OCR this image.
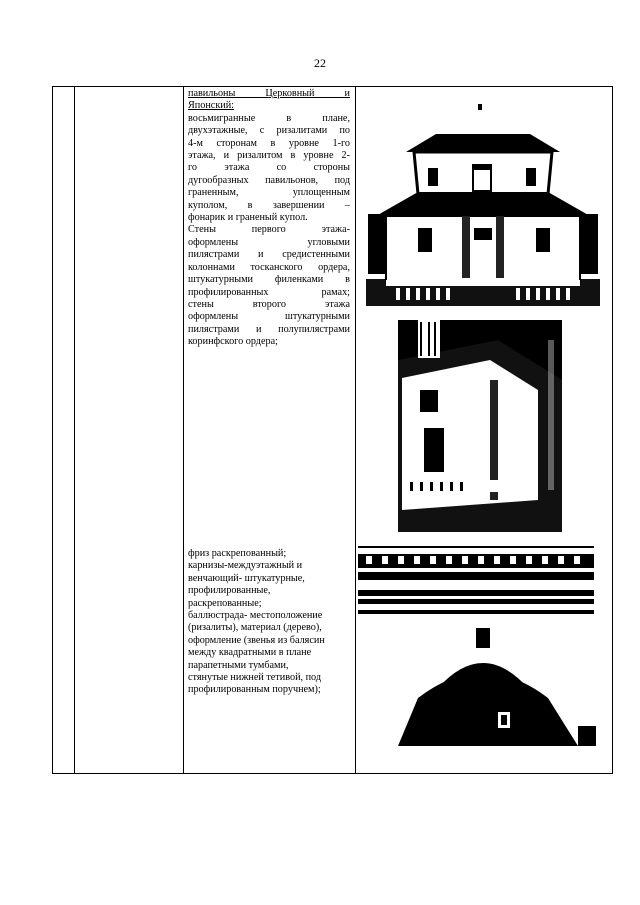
22

павильоны Церковный и

Японский:

восьмигранные в плане,

двухэтажные, с ризалитами по

4-м сторонам в уровне 1-го

этажа, и ризалитом в уровне 2-

го этажа со стороны

дугообразных павильонов, под

граненным, уплощенным

куполом, в завершении –

фонарик и граненый купол.

Стены первого этажа-

оформлены угловыми

пилястрами и средистенными

колоннами тосканского ордера,

штукатурными филенками в

профилированных рамах;

стены второго этажа

оформлены штукатурными

пилястрами и полупилястрами

коринфского ордера;

фриз раскрепованный;

карнизы-междуэтажный и

венчающий- штукатурные,

профилированные,

раскрепованные;

баллюстрада- местоположение

(ризалиты), материал (дерево),

оформление (звенья из балясин

между квадратными в плане

парапетными тумбами,

стянутые нижней тетивой, под

профилированным поручнем);
